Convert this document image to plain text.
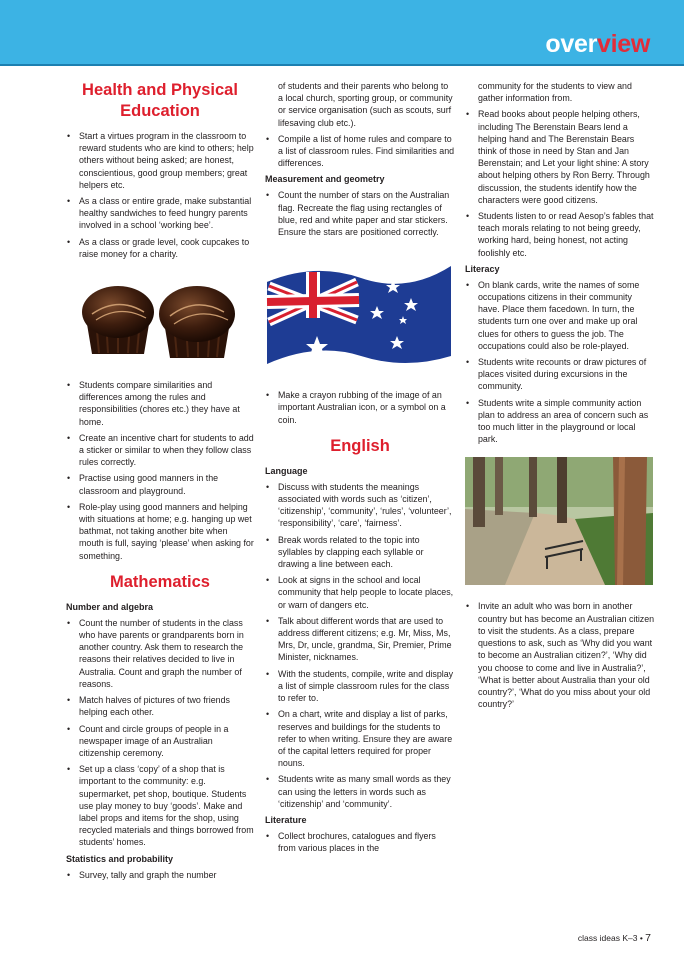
overview
Health and Physical Education
• Start a virtues program in the classroom to reward students who are kind to others; help others without being asked; are honest, conscientious, good group members; great helpers etc.
• As a class or entire grade, make substantial healthy sandwiches to feed hungry parents involved in a school ‘working bee’.
• As a class or grade level, cook cupcakes to raise money for a charity.
• Students compare similarities and differences among the rules and responsibilities (chores etc.) they have at home.
• Create an incentive chart for students to add a sticker or similar to when they follow class rules correctly.
• Practise using good manners in the classroom and playground.
• Role-play using good manners and helping with situations at home; e.g. hanging up wet bathmat, not taking another bite when mouth is full, saying ‘please’ when asking for something.
Mathematics
Number and algebra
• Count the number of students in the class who have parents or grandparents born in another country. Ask them to research the reasons their relatives decided to live in Australia. Count and graph the number of reasons.
• Match halves of pictures of two friends helping each other.
• Count and circle groups of people in a newspaper image of an Australian citizenship ceremony.
• Set up a class ‘copy’ of a shop that is important to the community: e.g. supermarket, pet shop, boutique. Students use play money to buy ‘goods’. Make and label props and items for the shop, using recycled materials and things borrowed from students’ homes.
Statistics and probability
• Survey, tally and graph the number
of students and their parents who belong to a local church, sporting group, or community or service organisation (such as scouts, surf lifesaving club etc.).
• Compile a list of home rules and compare to a list of classroom rules. Find similarities and differences.
Measurement and geometry
• Count the number of stars on the Australian flag. Recreate the flag using rectangles of blue, red and white paper and star stickers. Ensure the stars are positioned correctly.
• Make a crayon rubbing of the image of an important Australian icon, or a symbol on a coin.
English
Language
• Discuss with students the meanings associated with words such as ‘citizen’, ‘citizenship’, ‘community’, ‘rules’, ‘volunteer’, ‘responsibility’, ‘care’, ‘fairness’.
• Break words related to the topic into syllables by clapping each syllable or drawing a line between each.
• Look at signs in the school and local community that help people to locate places, or warn of dangers etc.
• Talk about different words that are used to address different citizens; e.g. Mr, Miss, Ms, Mrs, Dr, uncle, grandma, Sir, Premier, Prime Minister, nicknames.
• With the students, compile, write and display a list of simple classroom rules for the class to refer to.
• On a chart, write and display a list of parks, reserves and buildings for the students to refer to when writing. Ensure they are aware of the capital letters required for proper nouns.
• Students write as many small words as they can using the letters in words such as ‘citizenship’ and ‘community’.
Literature
• Collect brochures, catalogues and flyers from various places in the
community for the students to view and gather information from.
• Read books about people helping others, including The Berenstain Bears lend a helping hand and The Berenstain Bears think of those in need by Stan and Jan Berenstain; and Let your light shine: A story about helping others by Ron Berry. Through discussion, the students identify how the characters were good citizens.
• Students listen to or read Aesop’s fables that teach morals relating to not being greedy, working hard, being honest, not acting foolishly etc.
Literacy
• On blank cards, write the names of some occupations citizens in their community have. Place them facedown. In turn, the students turn one over and make up oral clues for others to guess the job. The occupations could also be role-played.
• Students write recounts or draw pictures of places visited during excursions in the community.
• Students write a simple community action plan to address an area of concern such as too much litter in the playground or local park.
• Invite an adult who was born in another country but has become an Australian citizen to visit the students. As a class, prepare questions to ask, such as ‘Why did you want to become an Australian citizen?’, ‘Why did you choose to come and live in Australia?’, ‘What is better about Australia than your old country?’, ‘What do you miss about your old country?’
class ideas K–3 • 7
